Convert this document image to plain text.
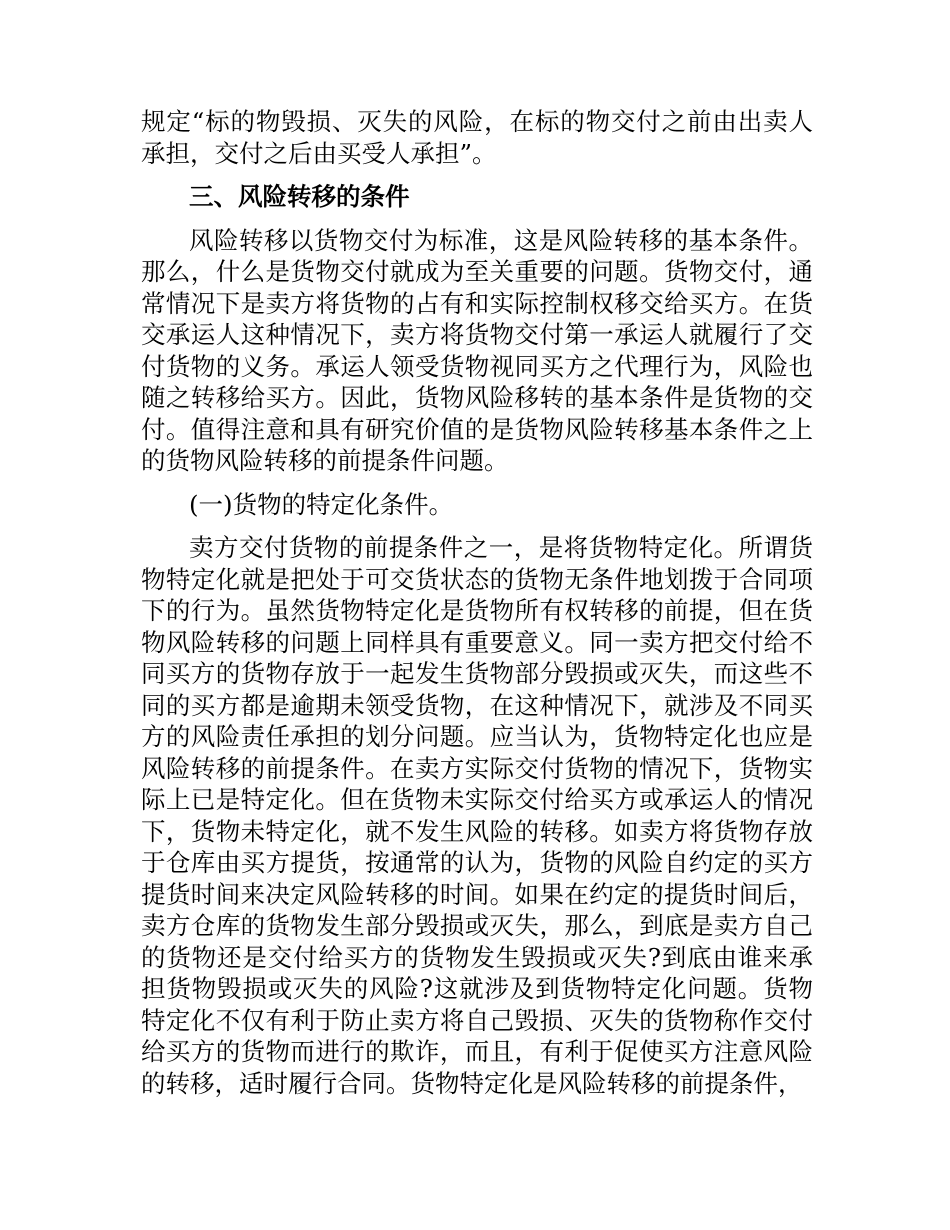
规定“标的物毁损、灭失的风险，在标的物交付之前由出卖人承担，交付之后由买受人承担”。

三、风险转移的条件

风险转移以货物交付为标准，这是风险转移的基本条件。那么，什么是货物交付就成为至关重要的问题。货物交付，通常情况下是卖方将货物的占有和实际控制权移交给买方。在货交承运人这种情况下，卖方将货物交付第一承运人就履行了交付货物的义务。承运人领受货物视同买方之代理行为，风险也随之转移给买方。因此，货物风险移转的基本条件是货物的交付。值得注意和具有研究价值的是货物风险转移基本条件之上的货物风险转移的前提条件问题。

(一)货物的特定化条件。

卖方交付货物的前提条件之一，是将货物特定化。所谓货物特定化就是把处于可交货状态的货物无条件地划拨于合同项下的行为。虽然货物特定化是货物所有权转移的前提，但在货物风险转移的问题上同样具有重要意义。同一卖方把交付给不同买方的货物存放于一起发生货物部分毁损或灭失，而这些不同的买方都是逾期未领受货物，在这种情况下，就涉及不同买方的风险责任承担的划分问题。应当认为，货物特定化也应是风险转移的前提条件。在卖方实际交付货物的情况下，货物实际上已是特定化。但在货物未实际交付给买方或承运人的情况下，货物未特定化，就不发生风险的转移。如卖方将货物存放于仓库由买方提货，按通常的认为，货物的风险自约定的买方提货时间来决定风险转移的时间。如果在约定的提货时间后，卖方仓库的货物发生部分毁损或灭失，那么，到底是卖方自己的货物还是交付给买方的货物发生毁损或灭失?到底由谁来承担货物毁损或灭失的风险?这就涉及到货物特定化问题。货物特定化不仅有利于防止卖方将自己毁损、灭失的货物称作交付给买方的货物而进行的欺诈，而且，有利于促使买方注意风险的转移，适时履行合同。货物特定化是风险转移的前提条件，
